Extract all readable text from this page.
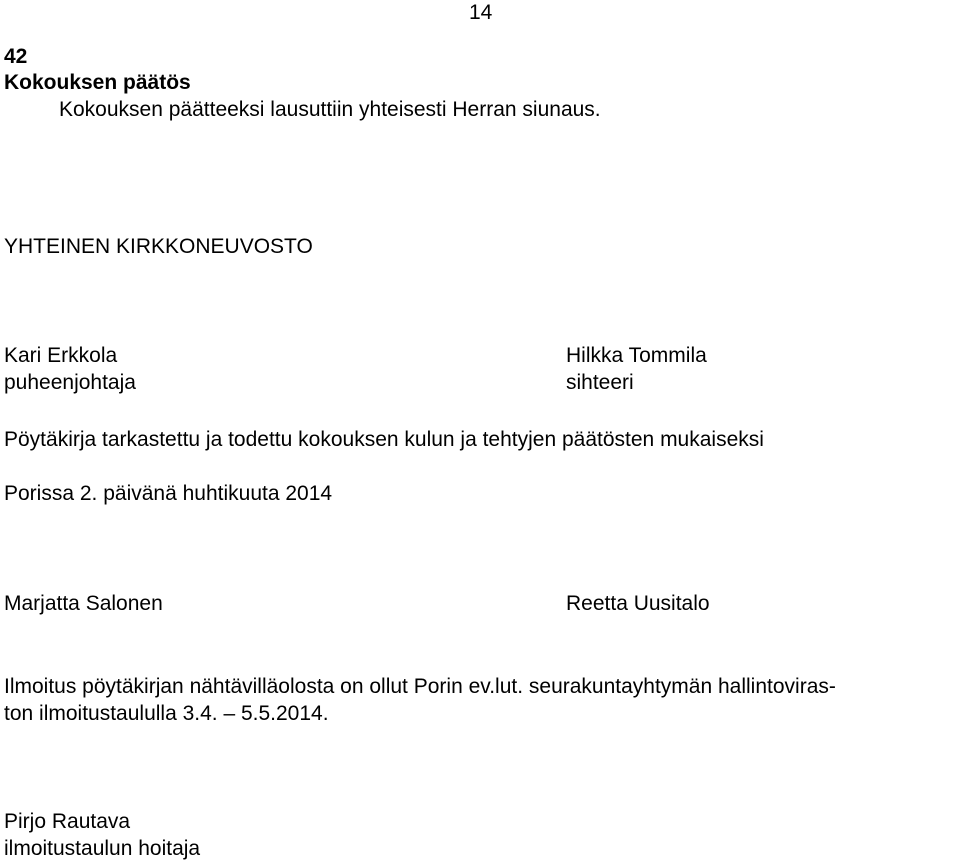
14

42

Kokouksen päätös

Kokouksen päätteeksi lausuttiin yhteisesti Herran siunaus.

YHTEINEN KIRKKONEUVOSTO

Kari Erkkola

puheenjohtaja

Hilkka Tommila

sihteeri

Pöytäkirja tarkastettu ja todettu kokouksen kulun ja tehtyjen päätösten mukaiseksi

Porissa 2. päivänä huhtikuuta 2014

Marjatta Salonen	Reetta Uusitalo

Ilmoitus pöytäkirjan nähtävilläolosta on ollut Porin ev.lut. seurakuntayhtymän hallintoviras-

ton ilmoitustaululla 3.4. – 5.5.2014.

Pirjo Rautava

ilmoitustaulun hoitaja
